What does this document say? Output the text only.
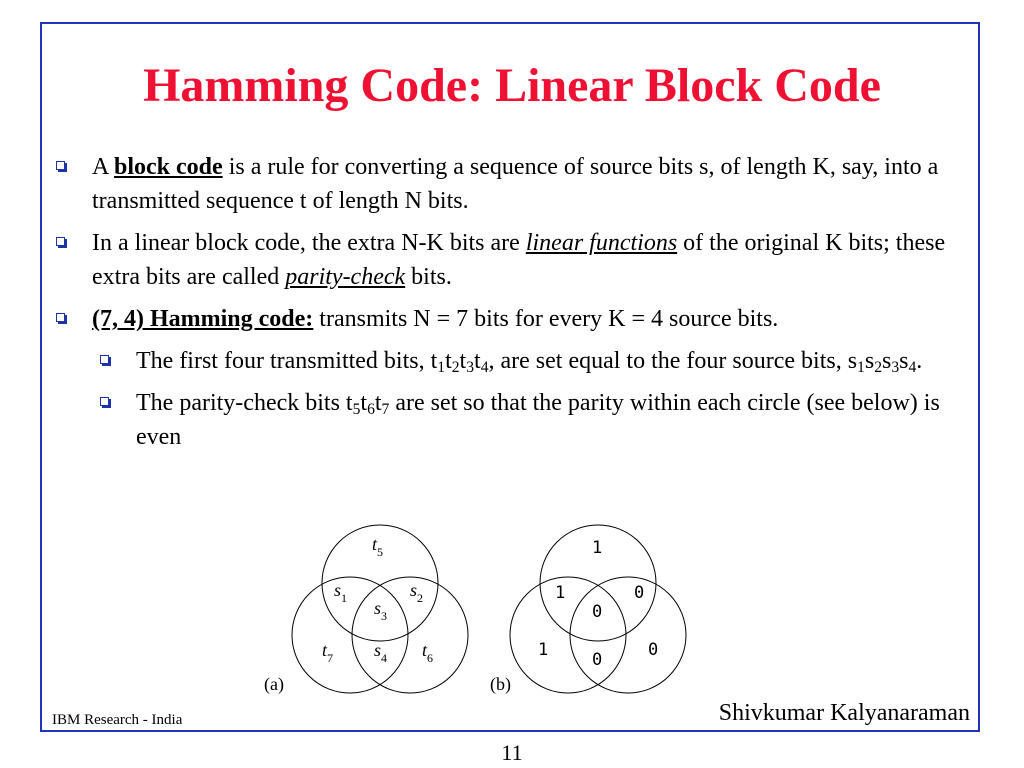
Hamming Code: Linear Block Code
A block code is a rule for converting a sequence of source bits s, of length K, say, into a transmitted sequence t of length N bits.
In a linear block code, the extra N-K bits are linear functions of the original K bits; these extra bits are called parity-check bits.
(7, 4) Hamming code: transmits N = 7 bits for every K = 4 source bits.
The first four transmitted bits, $t_1t_2t_3t_4$, are set equal to the four source bits, $s_1s_2s_3s_4$.
The parity-check bits $t_5t_6t_7$ are set so that the parity within each circle (see below) is even
$t_5$
$s_1$	$s_2$
$s_3$
$t_7$ $s_4$ $t_6$
(a)
1
1	0
0
1	0	0
(b)
IBM Research - India	Shivkumar Kalyanaraman
11
